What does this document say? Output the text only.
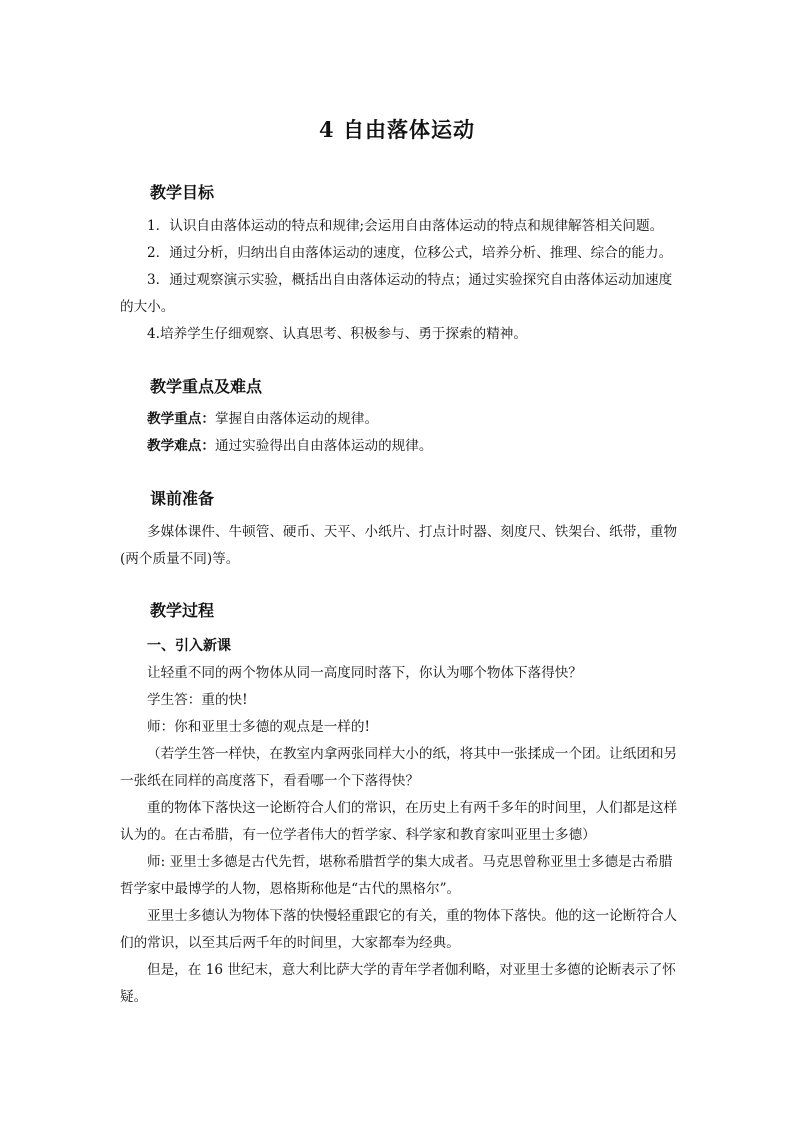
4 自由落体运动
教学目标

1．认识自由落体运动的特点和规律;会运用自由落体运动的特点和规律解答相关问题。

2．通过分析，归纳出自由落体运动的速度，位移公式，培养分析、推理、综合的能力。

3．通过观察演示实验，概括出自由落体运动的特点；通过实验探究自由落体运动加速度的大小。

4.培养学生仔细观察、认真思考、积极参与、勇于探索的精神。

教学重点及难点

教学重点：掌握自由落体运动的规律。

教学难点：通过实验得出自由落体运动的规律。

课前准备

多媒体课件、牛顿管、硬币、天平、小纸片、打点计时器、刻度尺、铁架台、纸带，重物(两个质量不同)等。

教学过程
一、引入新课

让轻重不同的两个物体从同一高度同时落下，你认为哪个物体下落得快？

学生答：重的快!

师：你和亚里士多德的观点是一样的!

（若学生答一样快，在教室内拿两张同样大小的纸，将其中一张揉成一个团。让纸团和另一张纸在同样的高度落下，看看哪一个下落得快？

重的物体下落快这一论断符合人们的常识，在历史上有两千多年的时间里，人们都是这样认为的。在古希腊，有一位学者伟大的哲学家、科学家和教育家叫亚里士多德）

师: 亚里士多德是古代先哲，堪称希腊哲学的集大成者。马克思曾称亚里士多德是古希腊哲学家中最博学的人物，恩格斯称他是“古代的黑格尔”。

亚里士多德认为物体下落的快慢轻重跟它的有关，重的物体下落快。他的这一论断符合人们的常识，以至其后两千年的时间里，大家都奉为经典。

但是，在 16 世纪末，意大利比萨大学的青年学者伽利略，对亚里士多德的论断表示了怀疑。
